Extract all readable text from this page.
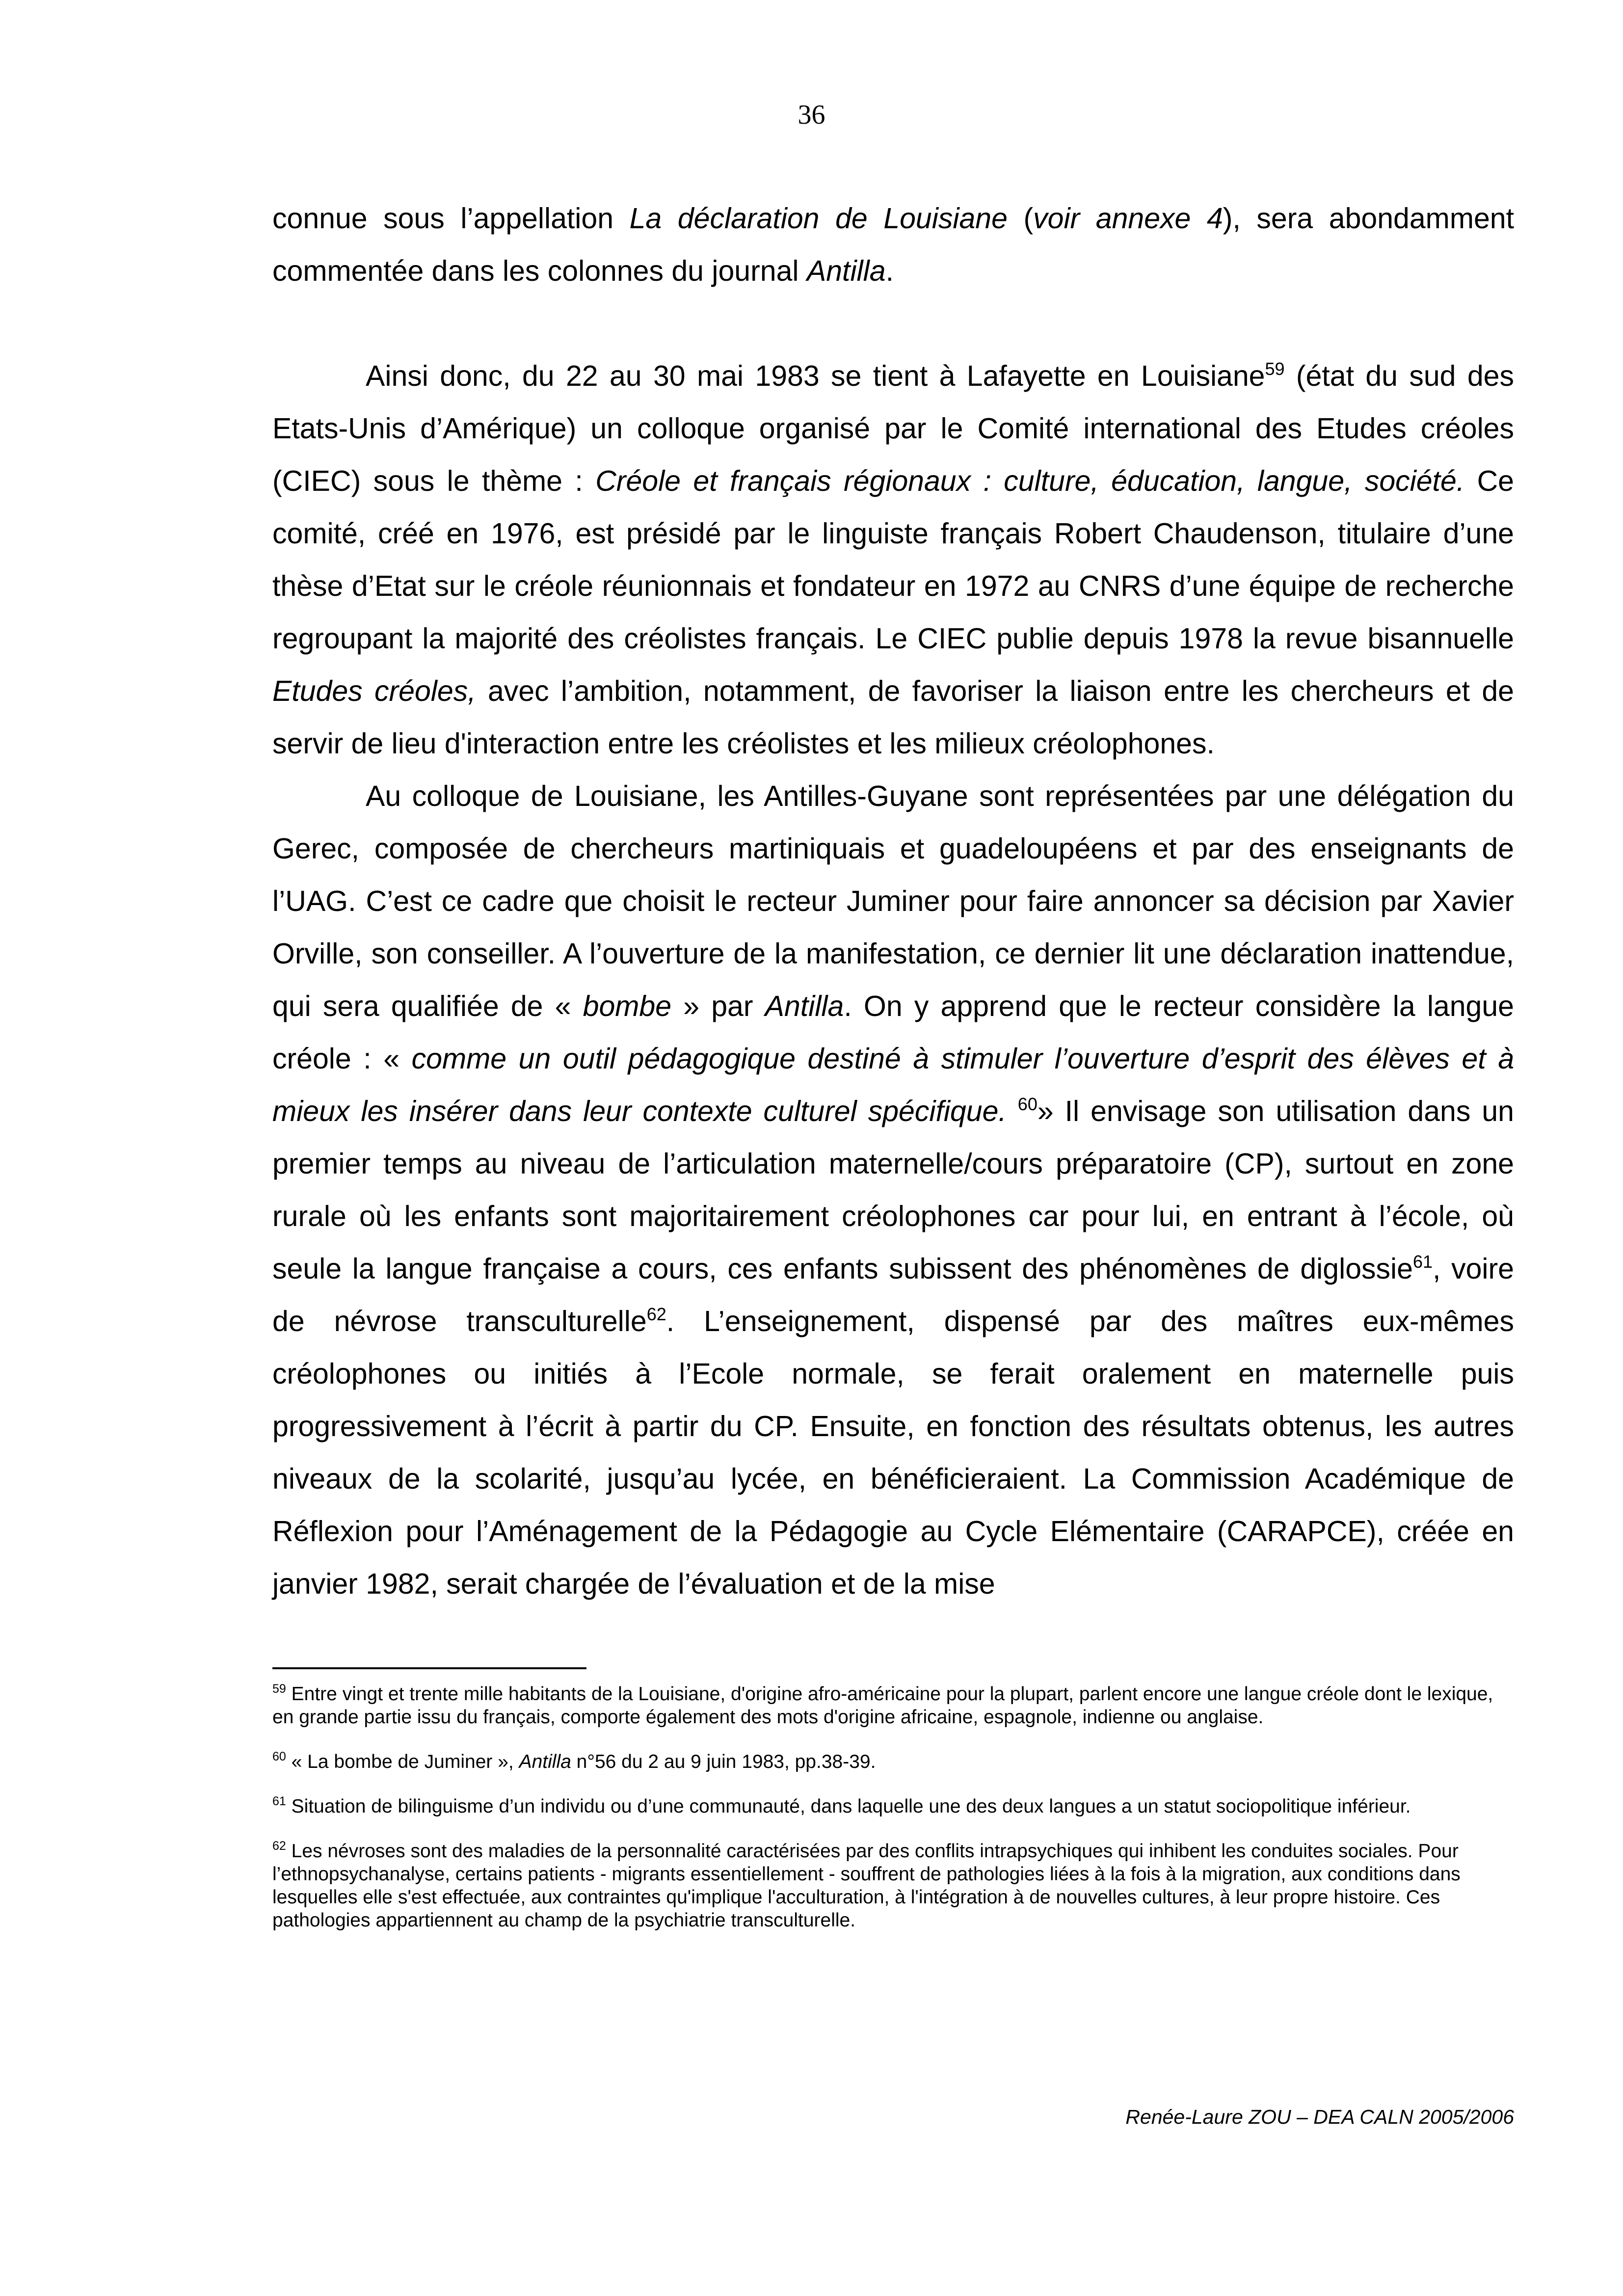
36

connue sous l’appellation La déclaration de Louisiane (voir annexe 4), sera abondamment commentée dans les colonnes du journal Antilla.

Ainsi donc, du 22 au 30 mai 1983 se tient à Lafayette en Louisiane$^{59}$ (état du sud des Etats-Unis d’Amérique) un colloque organisé par le Comité international des Etudes créoles (CIEC) sous le thème : Créole et français régionaux : culture, éducation, langue, société. Ce comité, créé en 1976, est présidé par le linguiste français Robert Chaudenson, titulaire d’une thèse d’Etat sur le créole réunionnais et fondateur en 1972 au CNRS d’une équipe de recherche regroupant la majorité des créolistes français. Le CIEC publie depuis 1978 la revue bisannuelle Etudes créoles, avec l’ambition, notamment, de favoriser la liaison entre les chercheurs et de servir de lieu d'interaction entre les créolistes et les milieux créolophones.

Au colloque de Louisiane, les Antilles-Guyane sont représentées par une délégation du Gerec, composée de chercheurs martiniquais et guadeloupéens et par des enseignants de l’UAG. C’est ce cadre que choisit le recteur Juminer pour faire annoncer sa décision par Xavier Orville, son conseiller. A l’ouverture de la manifestation, ce dernier lit une déclaration inattendue, qui sera qualifiée de « bombe » par Antilla. On y apprend que le recteur considère la langue créole : « comme un outil pédagogique destiné à stimuler l’ouverture d’esprit des élèves et à mieux les insérer dans leur contexte culturel spécifique. $^{60}$» Il envisage son utilisation dans un premier temps au niveau de l’articulation maternelle/cours préparatoire (CP), surtout en zone rurale où les enfants sont majoritairement créolophones car pour lui, en entrant à l’école, où seule la langue française a cours, ces enfants subissent des phénomènes de diglossie$^{61}$, voire de névrose transculturelle$^{62}$. L’enseignement, dispensé par des maîtres eux-mêmes créolophones ou initiés à l’Ecole normale, se ferait oralement en maternelle puis progressivement à l’écrit à partir du CP. Ensuite, en fonction des résultats obtenus, les autres niveaux de la scolarité, jusqu’au lycée, en bénéficieraient. La Commission Académique de Réflexion pour l’Aménagement de la Pédagogie au Cycle Elémentaire (CARAPCE), créée en janvier 1982, serait chargée de l’évaluation et de la mise

$^{59}$ Entre vingt et trente mille habitants de la Louisiane, d'origine afro-américaine pour la plupart, parlent encore une langue créole dont le lexique, en grande partie issu du français, comporte également des mots d'origine africaine, espagnole, indienne ou anglaise.

$^{60}$ « La bombe de Juminer », Antilla n°56 du 2 au 9 juin 1983, pp.38-39.

$^{61}$ Situation de bilinguisme d’un individu ou d’une communauté, dans laquelle une des deux langues a un statut sociopolitique inférieur.

$^{62}$ Les névroses sont des maladies de la personnalité caractérisées par des conflits intrapsychiques qui inhibent les conduites sociales. Pour l’ethnopsychanalyse, certains patients - migrants essentiellement - souffrent de pathologies liées à la fois à la migration, aux conditions dans lesquelles elle s'est effectuée, aux contraintes qu'implique l'acculturation, à l'intégration à de nouvelles cultures, à leur propre histoire. Ces pathologies appartiennent au champ de la psychiatrie transculturelle.

Renée-Laure ZOU – DEA CALN 2005/2006
